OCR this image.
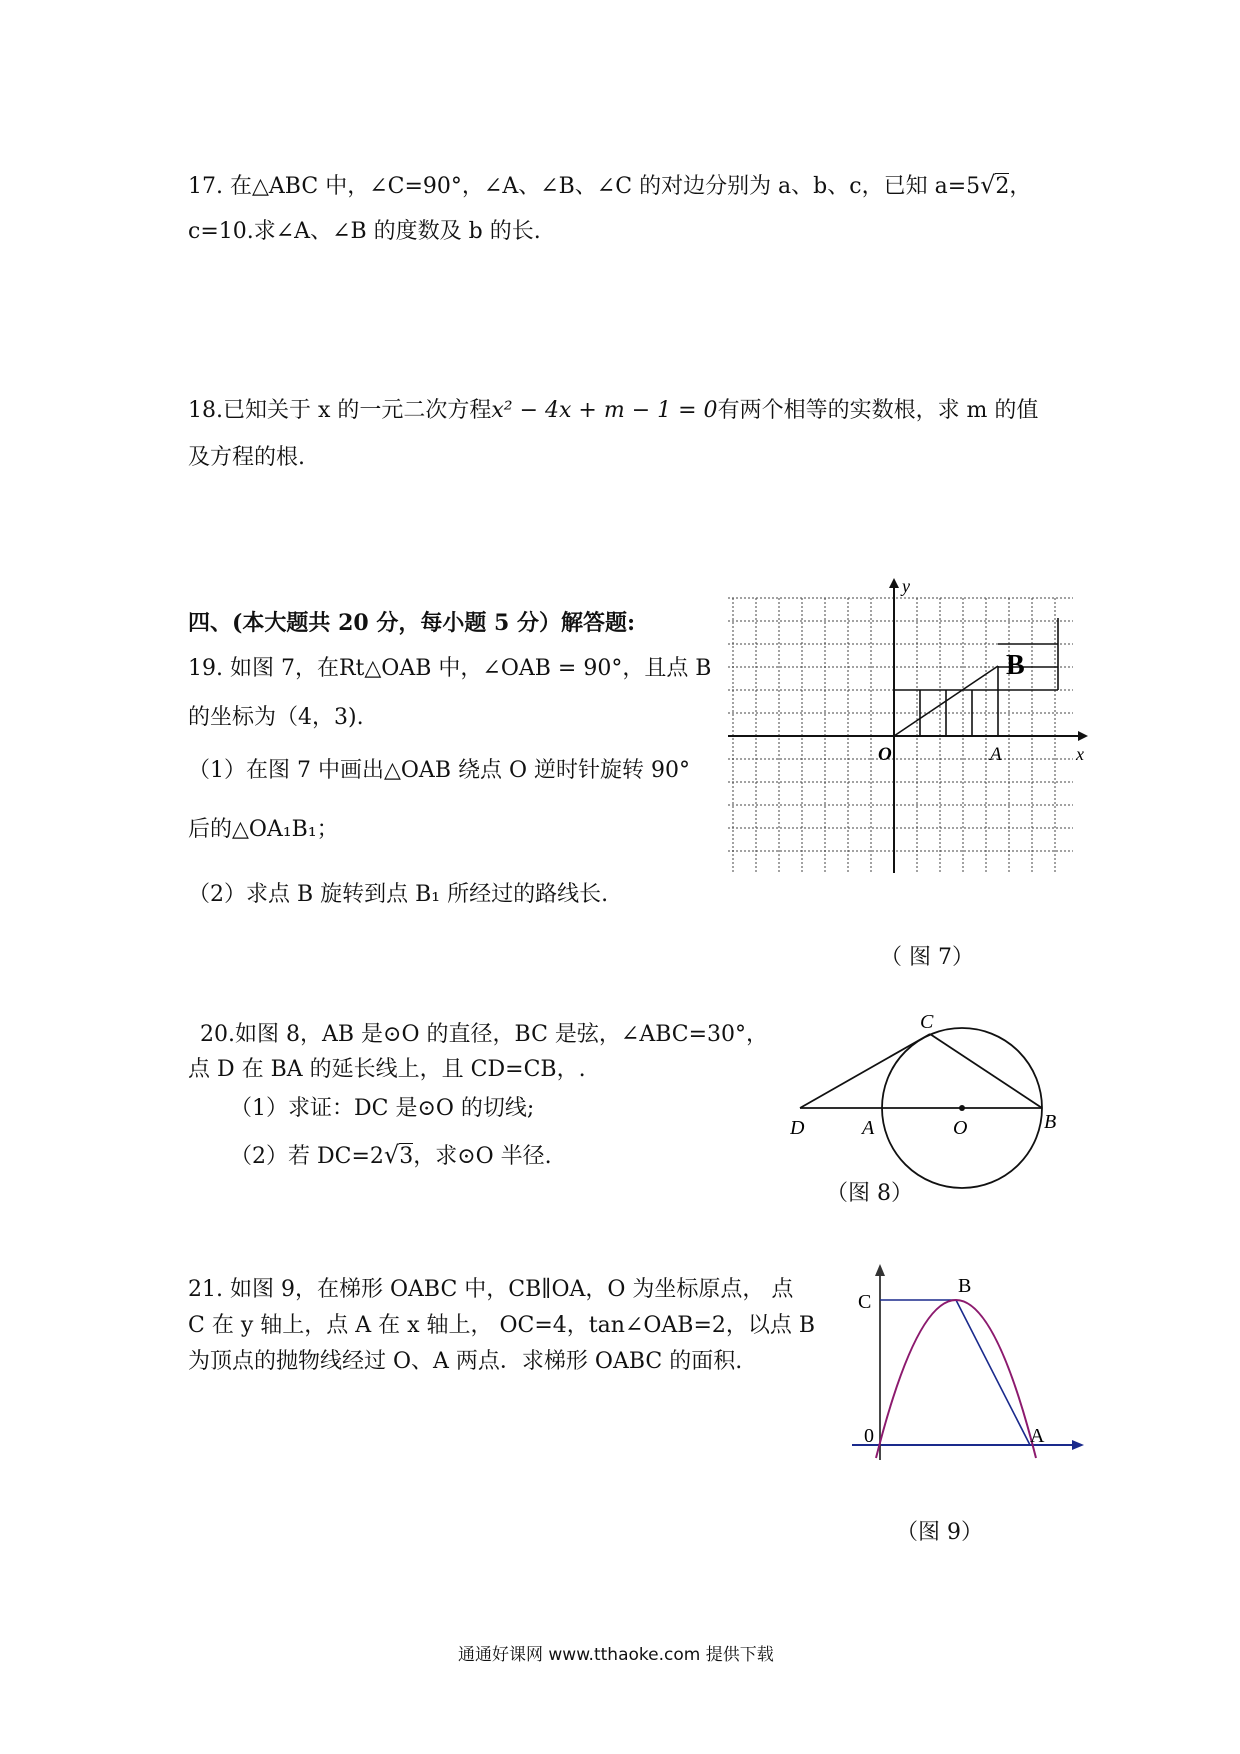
17. 在△ABC 中，∠C=90°，∠A、∠B、∠C 的对边分别为 a、b、c，已知 a=5√2，
c=10.求∠A、∠B 的度数及 b 的长.
18.已知关于 x 的一元二次方程x² − 4x + m − 1 = 0有两个相等的实数根，求 m 的值
及方程的根.
四、(本大题共 20 分，每小题 5 分）解答题:
19. 如图 7，在Rt△OAB 中，∠OAB = 90°，且点 B
的坐标为（4，3).
（1）在图 7 中画出△OAB 绕点 O 逆时针旋转 90°
后的△OA₁B₁；
（2）求点 B 旋转到点 B₁ 所经过的路线长.
y
x
O	A
B
（ 图 7）
20.如图 8，AB 是⊙O 的直径，BC 是弦，∠ABC=30°，
点 D 在 BA 的延长线上，且 CD=CB，.
（1）求证：DC 是⊙O 的切线;
（2）若 DC=2√3，求⊙O 半径.
C
D	A	O	B
（图 8）
21. 如图 9，在梯形 OABC 中，CB∥OA，O 为坐标原点， 点
C 在 y 轴上，点 A 在 x 轴上， OC=4，tan∠OAB=2，以点 B
为顶点的抛物线经过 O、A 两点．求梯形 OABC 的面积.
C
B
0	A
（图 9）
通通好课网 www.tthaoke.com 提供下载
